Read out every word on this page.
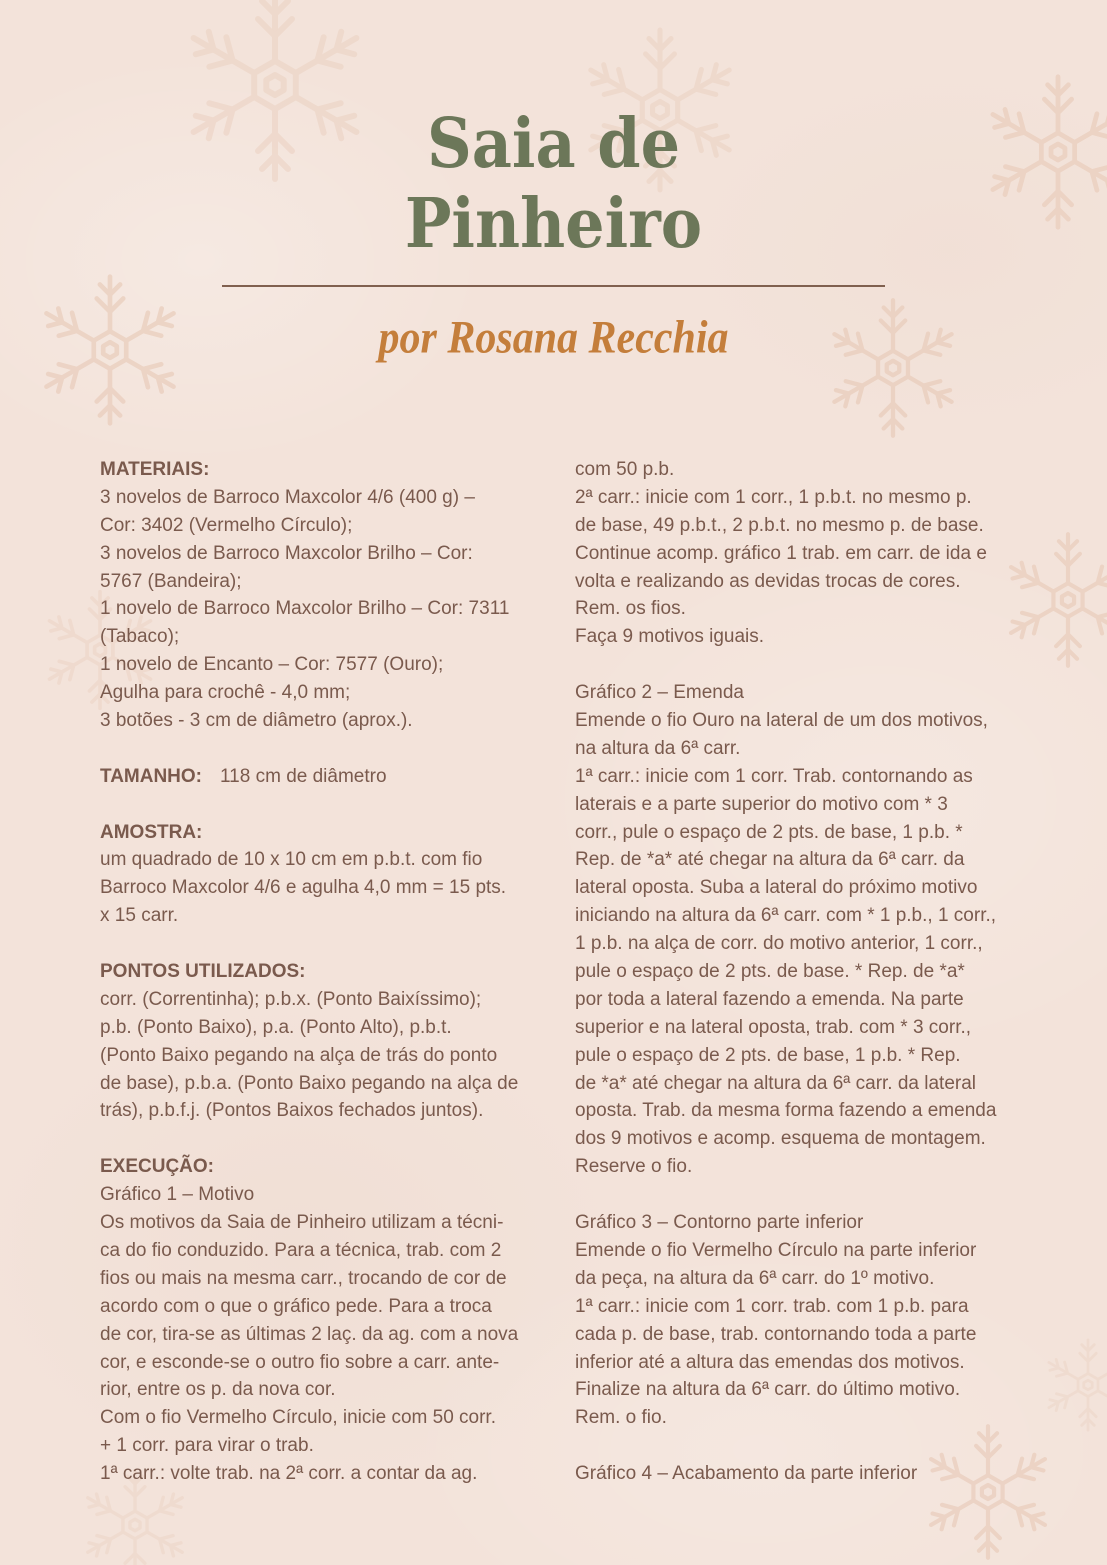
Saia de
Pinheiro
por Rosana Recchia
MATERIAIS:
3 novelos de Barroco Maxcolor 4/6 (400 g) –
Cor: 3402 (Vermelho Círculo);
3 novelos de Barroco Maxcolor Brilho – Cor:
5767 (Bandeira);
1 novelo de Barroco Maxcolor Brilho – Cor: 7311
(Tabaco);
1 novelo de Encanto – Cor: 7577 (Ouro);
Agulha para crochê - 4,0 mm;
3 botões - 3 cm de diâmetro (aprox.).
TAMANHO: 118 cm de diâmetro
AMOSTRA:
um quadrado de 10 x 10 cm em p.b.t. com fio
Barroco Maxcolor 4/6 e agulha 4,0 mm = 15 pts.
x 15 carr.
PONTOS UTILIZADOS:
corr. (Correntinha); p.b.x. (Ponto Baixíssimo);
p.b. (Ponto Baixo), p.a. (Ponto Alto), p.b.t.
(Ponto Baixo pegando na alça de trás do ponto
de base), p.b.a. (Ponto Baixo pegando na alça de
trás), p.b.f.j. (Pontos Baixos fechados juntos).
EXECUÇÃO:
Gráfico 1 – Motivo
Os motivos da Saia de Pinheiro utilizam a técni-
ca do fio conduzido. Para a técnica, trab. com 2
fios ou mais na mesma carr., trocando de cor de
acordo com o que o gráfico pede. Para a troca
de cor, tira-se as últimas 2 laç. da ag. com a nova
cor, e esconde-se o outro fio sobre a carr. ante-
rior, entre os p. da nova cor.
Com o fio Vermelho Círculo, inicie com 50 corr.
+ 1 corr. para virar o trab.
1ª carr.: volte trab. na 2ª corr. a contar da ag.
com 50 p.b.
2ª carr.: inicie com 1 corr., 1 p.b.t. no mesmo p.
de base, 49 p.b.t., 2 p.b.t. no mesmo p. de base.
Continue acomp. gráfico 1 trab. em carr. de ida e
volta e realizando as devidas trocas de cores.
Rem. os fios.
Faça 9 motivos iguais.
Gráfico 2 – Emenda
Emende o fio Ouro na lateral de um dos motivos,
na altura da 6ª carr.
1ª carr.: inicie com 1 corr. Trab. contornando as
laterais e a parte superior do motivo com * 3
corr., pule o espaço de 2 pts. de base, 1 p.b. *
Rep. de *a* até chegar na altura da 6ª carr. da
lateral oposta. Suba a lateral do próximo motivo
iniciando na altura da 6ª carr. com * 1 p.b., 1 corr.,
1 p.b. na alça de corr. do motivo anterior, 1 corr.,
pule o espaço de 2 pts. de base. * Rep. de *a*
por toda a lateral fazendo a emenda. Na parte
superior e na lateral oposta, trab. com * 3 corr.,
pule o espaço de 2 pts. de base, 1 p.b. * Rep.
de *a* até chegar na altura da 6ª carr. da lateral
oposta. Trab. da mesma forma fazendo a emenda
dos 9 motivos e acomp. esquema de montagem.
Reserve o fio.
Gráfico 3 – Contorno parte inferior
Emende o fio Vermelho Círculo na parte inferior
da peça, na altura da 6ª carr. do 1º motivo.
1ª carr.: inicie com 1 corr. trab. com 1 p.b. para
cada p. de base, trab. contornando toda a parte
inferior até a altura das emendas dos motivos.
Finalize na altura da 6ª carr. do último motivo.
Rem. o fio.
Gráfico 4 – Acabamento da parte inferior
